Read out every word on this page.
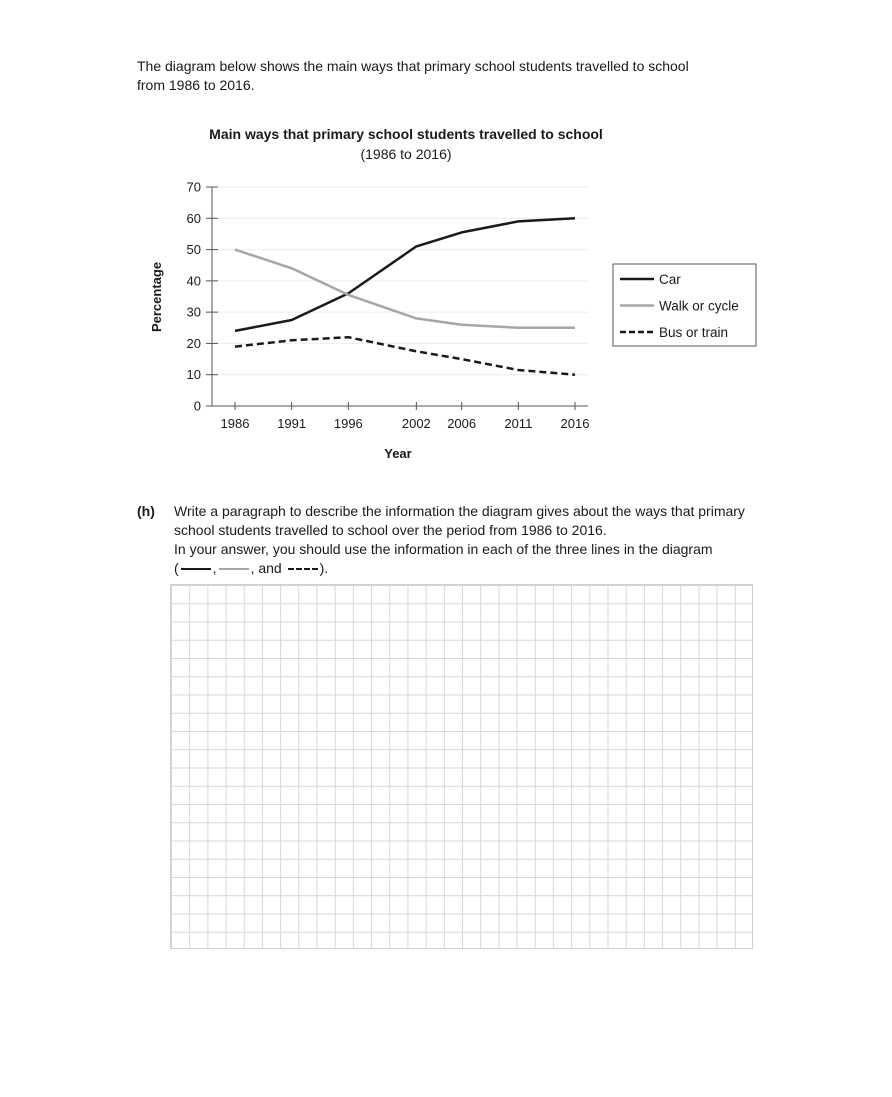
The diagram below shows the main ways that primary school students travelled to school
from 1986 to 2016.
Main ways that primary school students travelled to school
(1986 to 2016)
0
10
20
30
40
50
60
70
1986 1991 1996	2002 2006 2011 2016
Year
Percentage	Car
Walk or cycle
Bus or train
(h) Write a paragraph to describe the information the diagram gives about the ways that primary
school students travelled to school over the period from 1986 to 2016.
In your answer, you should use the information in each of the three lines in the diagram
( , , and	).
